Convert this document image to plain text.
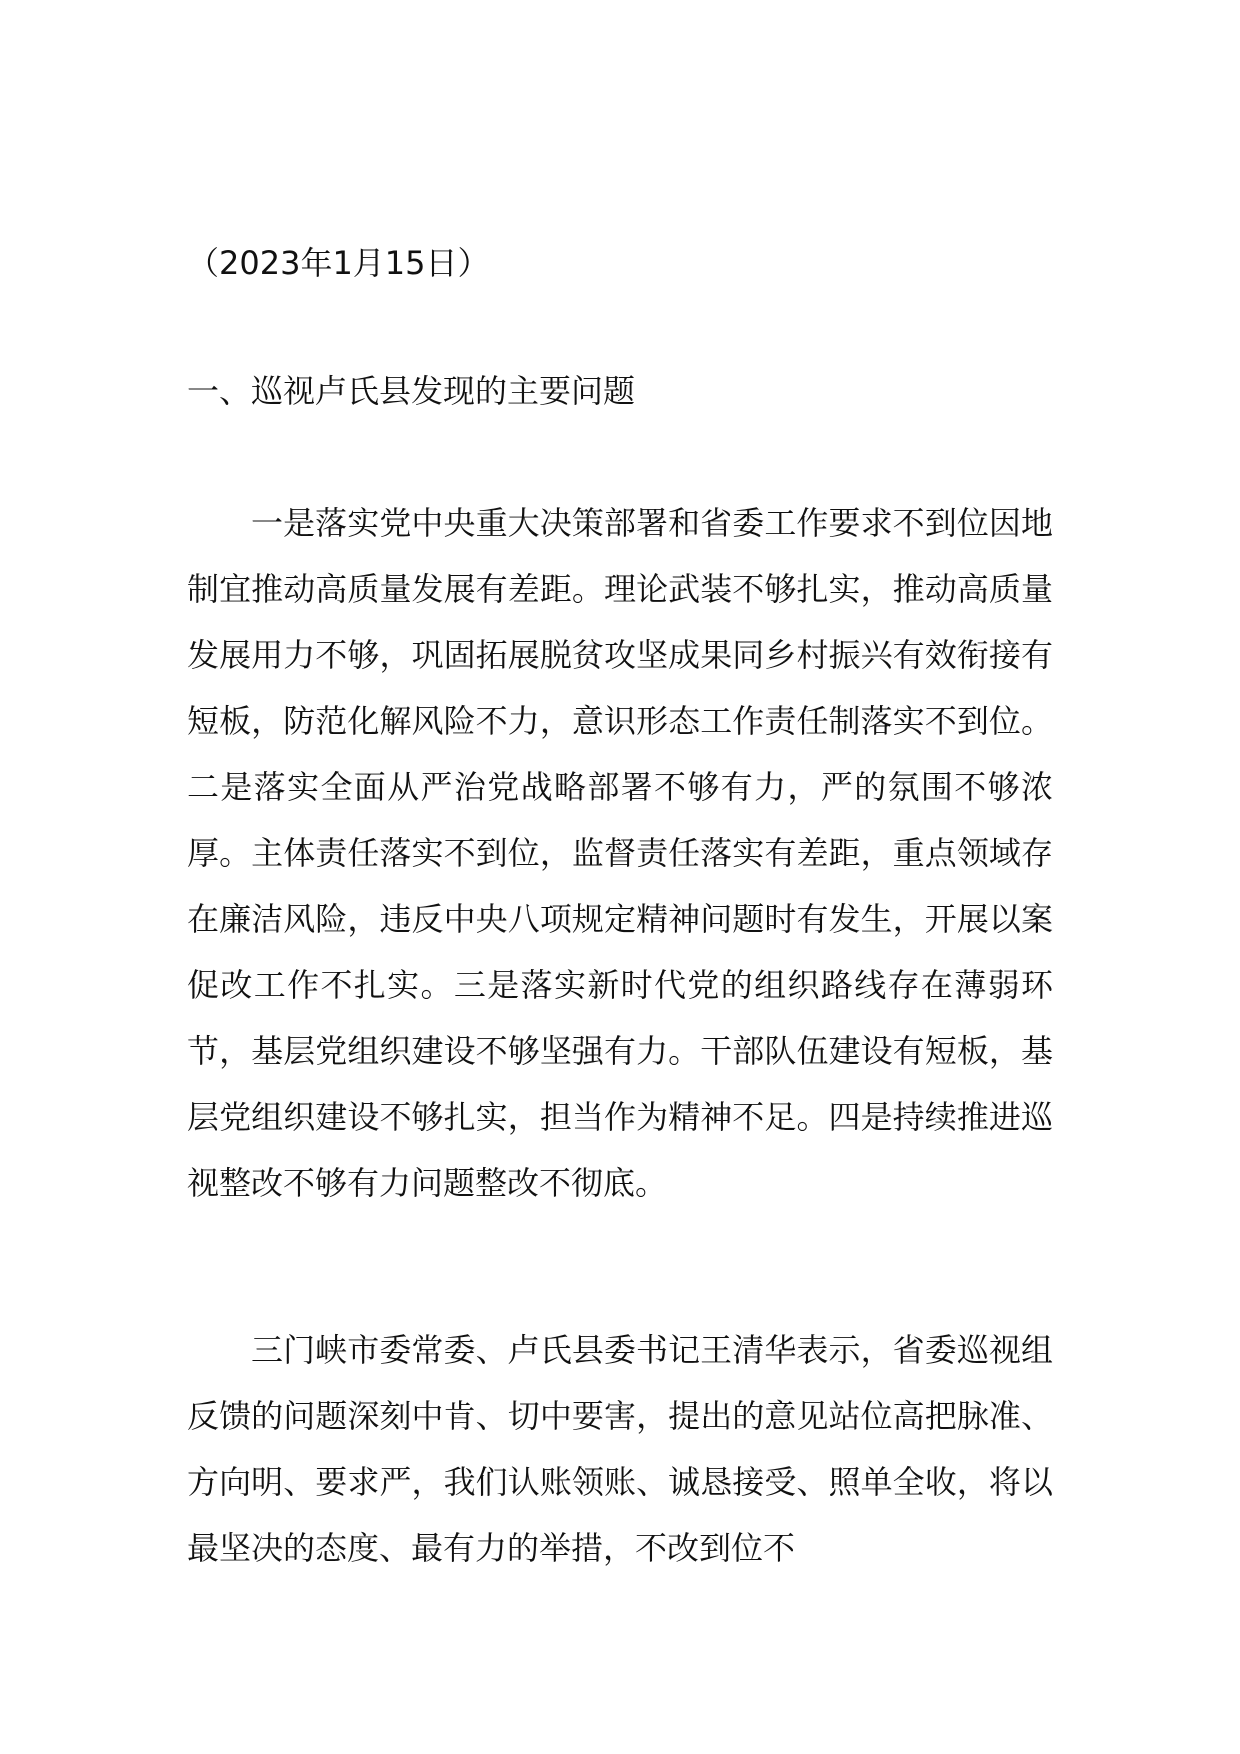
（2023年1月15日）
一、巡视卢氏县发现的主要问题

一是落实党中央重大决策部署和省委工作要求不到位因地制宜推动高质量发展有差距。理论武装不够扎实，推动高质量发展用力不够，巩固拓展脱贫攻坚成果同乡村振兴有效衔接有短板，防范化解风险不力，意识形态工作责任制落实不到位。二是落实全面从严治党战略部署不够有力，严的氛围不够浓厚。主体责任落实不到位，监督责任落实有差距，重点领域存在廉洁风险，违反中央八项规定精神问题时有发生，开展以案促改工作不扎实。三是落实新时代党的组织路线存在薄弱环节，基层党组织建设不够坚强有力。干部队伍建设有短板，基层党组织建设不够扎实，担当作为精神不足。四是持续推进巡视整改不够有力问题整改不彻底。

三门峡市委常委、卢氏县委书记王清华表示，省委巡视组反馈的问题深刻中肯、切中要害，提出的意见站位高把脉准、方向明、要求严，我们认账领账、诚恳接受、照单全收，将以最坚决的态度、最有力的举措，不改到位不
